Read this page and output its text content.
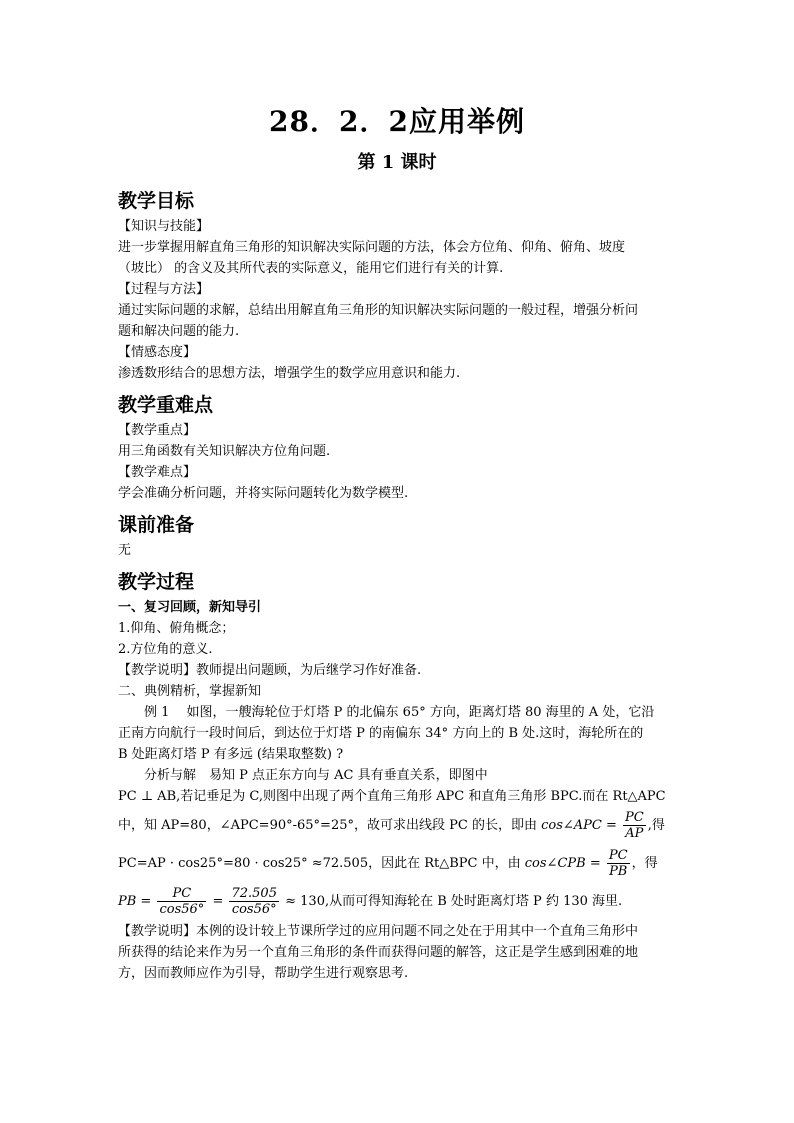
28．2．2应用举例
第 1 课时
教学目标
【知识与技能】
进一步掌握用解直角三角形的知识解决实际问题的方法，体会方位角、仰角、俯角、坡度
（坡比） 的含义及其所代表的实际意义，能用它们进行有关的计算.
【过程与方法】
通过实际问题的求解，总结出用解直角三角形的知识解决实际问题的一般过程，增强分析问
题和解决问题的能力.
【情感态度】
渗透数形结合的思想方法，增强学生的数学应用意识和能力.
教学重难点
【教学重点】
用三角函数有关知识解决方位角问题.
【教学难点】
学会准确分析问题，并将实际问题转化为数学模型.
课前准备
无
教学过程
一、复习回顾，新知导引
1.仰角、俯角概念；
2.方位角的意义.
【教学说明】教师提出问题顾，为后继学习作好准备.
二、典例精析，掌握新知
例 1　 如图，一艘海轮位于灯塔 P 的北偏东 65° 方向，距离灯塔 80 海里的 A 处，它沿
正南方向航行一段时间后，到达位于灯塔 P 的南偏东 34° 方向上的 B 处.这时，海轮所在的
B 处距离灯塔 P 有多远 (结果取整数) ?
分析与解　易知 P 点正东方向与 AC 具有垂直关系，即图中
PC ⊥ AB,若记垂足为 C,则图中出现了两个直角三角形 APC 和直角三角形 BPC.而在 Rt△APC
中，知 AP=80，∠APC=90°-65°=25°，故可求出线段 PC 的长，即由 cos∠APC = $\frac{PC}{AP}$ ,得
PC=AP · cos25°=80 · cos25° ≈72.505，因此在 Rt△BPC 中，由 cos∠CPB = $\frac{PC}{PB}$ ，得
PB = $\frac{PC}{\cos 56^\circ} = \frac{72.505}{\cos 56^\circ} \approx 130$,从而可得知海轮在 B 处时距离灯塔 P 约 130 海里.
【教学说明】本例的设计较上节课所学过的应用问题不同之处在于用其中一个直角三角形中
所获得的结论来作为另一个直角三角形的条件而获得问题的解答，这正是学生感到困难的地
方，因而教师应作为引导，帮助学生进行观察思考.
